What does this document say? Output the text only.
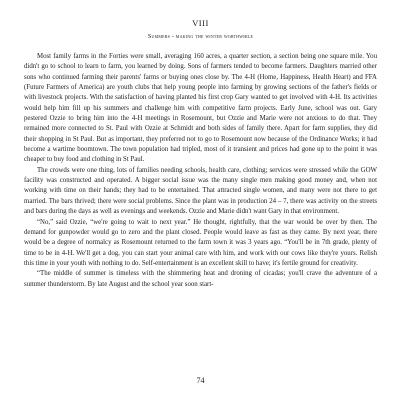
VIII
Summers - making the winter worthwhile

Most family farms in the Forties were small, averaging 160 acres, a quarter section, a section being one square mile. You didn't go to school to learn to farm, you learned by doing. Sons of farmers tended to become farmers. Daughters married other sons who continued farming their parents' farms or buying ones close by. The 4-H (Home, Happiness, Health Heart) and FFA (Future Farmers of America) are youth clubs that help young people into farming by growing sections of the father's fields or with livestock projects. With the satisfaction of having planted his first crop Gary wanted to get involved with 4-H. Its activities would help him fill up his summers and challenge him with competitive farm projects. Early June, school was out. Gary pestered Ozzie to bring him into the 4-H meetings in Rosemount, but Ozzie and Marie were not anxious to do that. They remained more connected to St. Paul with Ozzie at Schmidt and both sides of family there. Apart for farm supplies, they did their shopping in St Paul. But as important, they preferred not to go to Rosemount now because of the Ordinance Works; it had become a wartime boomtown. The town population had tripled, most of it transient and prices had gone up to the point it was cheaper to buy food and clothing in St Paul.

The crowds were one thing, lots of families needing schools, health care, clothing; services were stressed while the GOW facility was constructed and operated. A bigger social issue was the many single men making good money and, when not working with time on their hands; they had to be entertained. That attracted single women, and many were not there to get married. The bars thrived; there were social problems. Since the plant was in production 24 – 7, there was activity on the streets and bars during the days as well as evenings and weekends. Ozzie and Marie didn't want Gary in that environment.

“No,” said Ozzie, “we're going to wait to next year.” He thought, rightfully, that the war would be over by then. The demand for gunpowder would go to zero and the plant closed. People would leave as fast as they came. By next year, there would be a degree of normalcy as Rosemount returned to the farm town it was 3 years ago. “You'll be in 7th grade, plenty of time to be in 4-H. We'll get a dog, you can start your animal care with him, and work with our cows like they're yours. Relish this time in your youth with nothing to do. Self-entertainment is an excellent skill to have; it's fertile ground for creativity.

“The middle of summer is timeless with the shimmering heat and droning of cicadas; you'll crave the adventure of a summer thunderstorm. By late August and the school year soon start-

74
